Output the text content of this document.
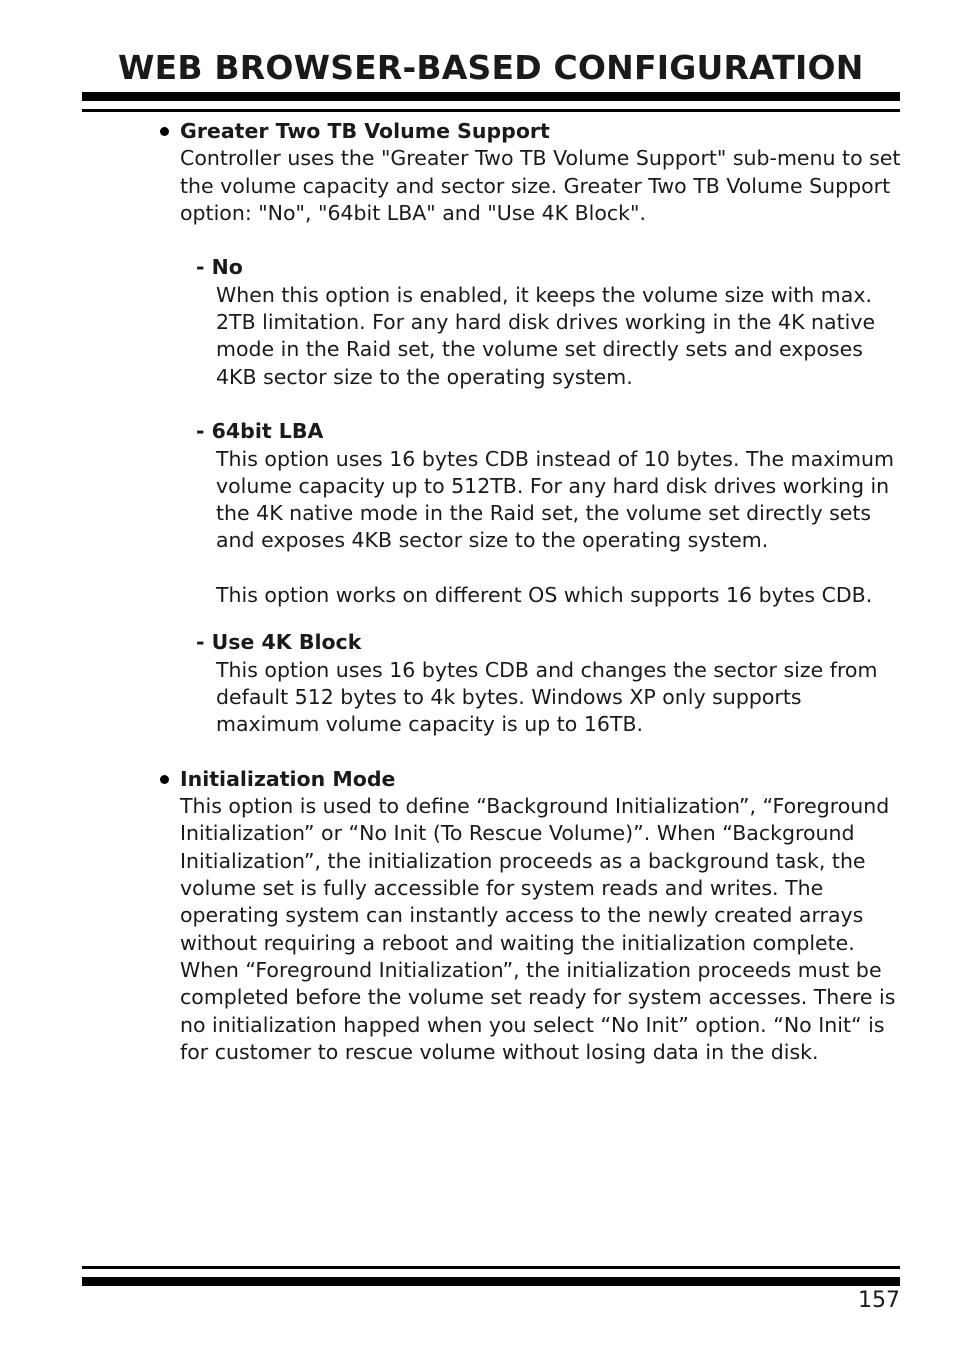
WEB BROWSER-BASED CONFIGURATION

Greater Two TB Volume Support

Controller uses the "Greater Two TB Volume Support" sub-menu to set the volume capacity and sector size. Greater Two TB Volume Support option: "No", "64bit LBA" and "Use 4K Block".

- No

When this option is enabled, it keeps the volume size with max. 2TB limitation. For any hard disk drives working in the 4K native mode in the Raid set, the volume set directly sets and exposes 4KB sector size to the operating system.

- 64bit LBA

This option uses 16 bytes CDB instead of 10 bytes. The maximum volume capacity up to 512TB. For any hard disk drives working in the 4K native mode in the Raid set, the volume set directly sets and exposes 4KB sector size to the operating system.

This option works on different OS which supports 16 bytes CDB.

- Use 4K Block

This option uses 16 bytes CDB and changes the sector size from default 512 bytes to 4k bytes. Windows XP only supports maximum volume capacity is up to 16TB.

Initialization Mode

This option is used to define “Background Initialization”, “Foreground Initialization” or “No Init (To Rescue Volume)”. When “Background Initialization”, the initialization proceeds as a background task, the volume set is fully accessible for system reads and writes. The operating system can instantly access to the newly created arrays without requiring a reboot and waiting the initialization complete. When “Foreground Initialization”, the initialization proceeds must be completed before the volume set ready for system accesses. There is no initialization happed when you select “No Init” option. “No Init“ is for customer to rescue volume without losing data in the disk.

157
